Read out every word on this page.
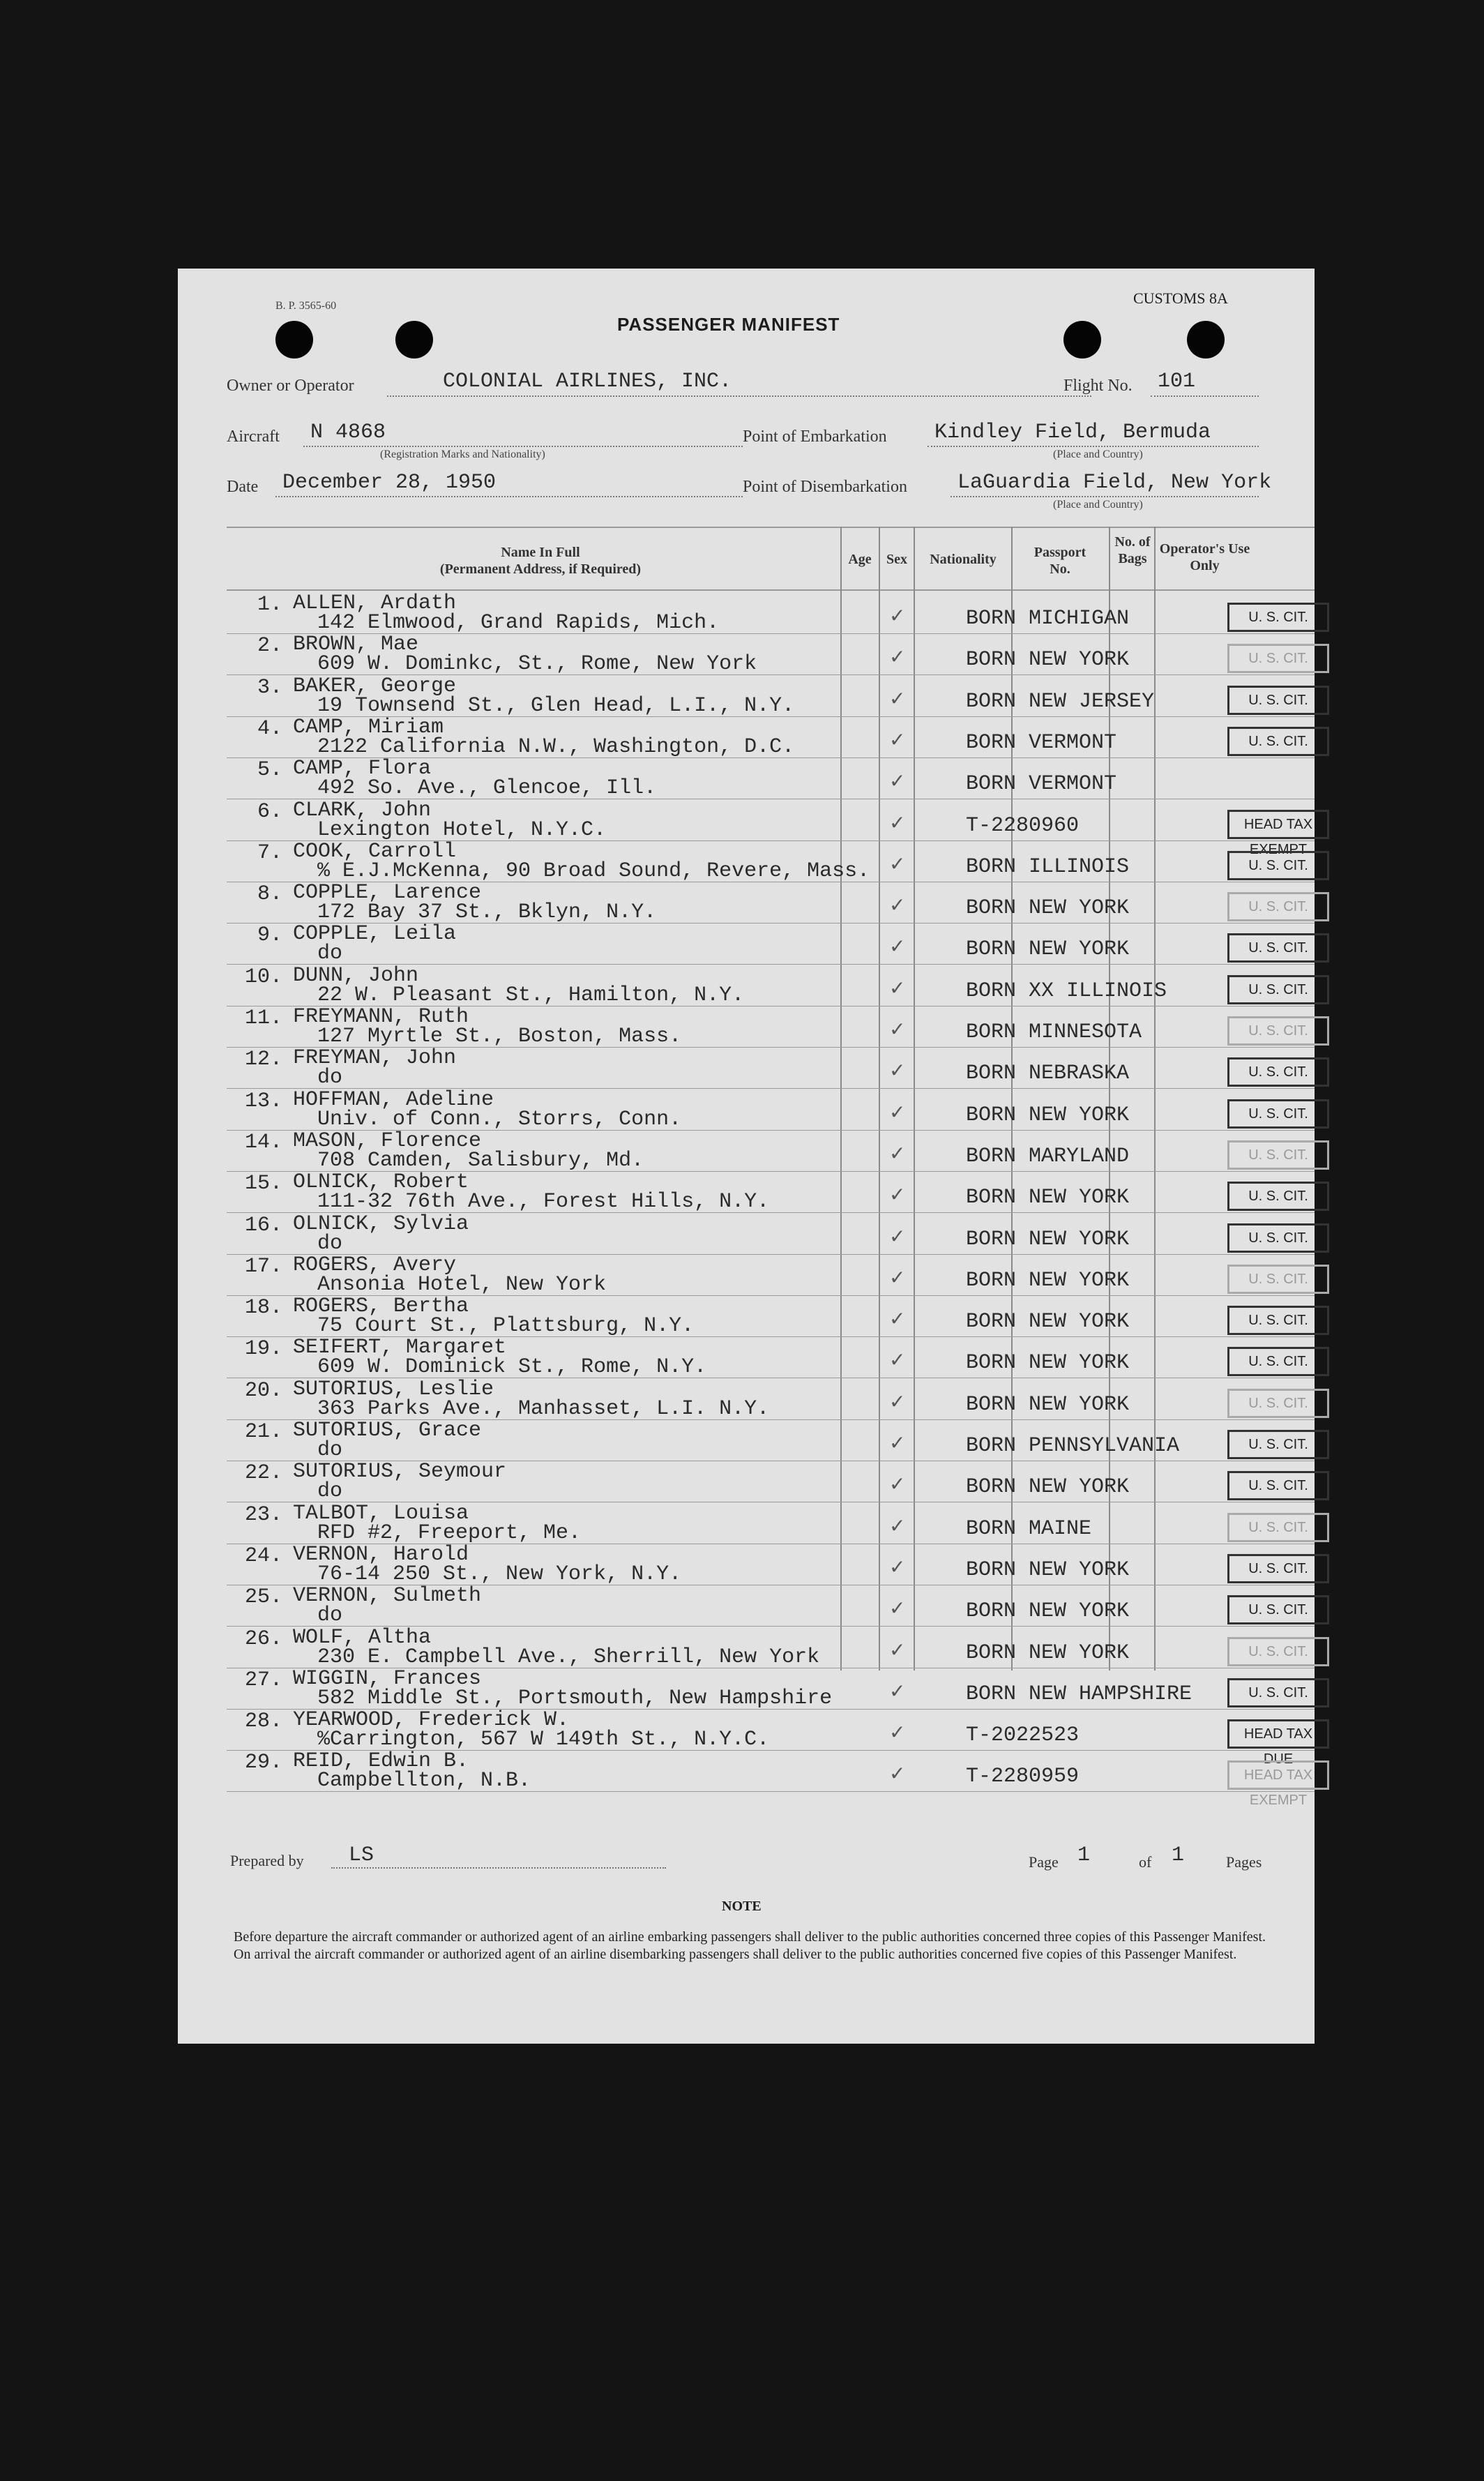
B. P. 3565-60
PASSENGER MANIFEST
CUSTOMS 8A
Owner or Operator	COLONIAL AIRLINES, INC.	Flight No. 101
Aircraft N 4868
(Registration Marks and Nationality)
Point of Embarkation Kindley Field, Bermuda
(Place and Country)
Date December 28, 1950	Point of Disembarkation LaGuardia Field, New York
(Place and Country)
Name In Full
(Permanent Address, if Required)
Age	Sex	Nationality	Passport No.
No. of Bags
Operator's Use Only
1. ALLEN, Ardath
142 Elmwood, Grand Rapids, Mich.	✓	BORN MICHIGAN	U. S. CIT.
2. BROWN, Mae
609 W. Dominkc, St., Rome, New York	✓	BORN NEW YORK	U. S. CIT.
3. BAKER, George
19 Townsend St., Glen Head, L.I., N.Y.	✓	BORN NEW JERSEY	U. S. CIT.
4. CAMP, Miriam
2122 California N.W., Washington, D.C.	✓	BORN VERMONT	U. S. CIT.
5. CAMP, Flora
492 So. Ave., Glencoe, Ill.	✓	BORN VERMONT
6. CLARK, John
Lexington Hotel, N.Y.C.	✓	T-2280960	HEAD TAX EXEMPT
7. COOK, Carroll
% E.J.McKenna, 90 Broad Sound, Revere, Mass. ✓	BORN ILLINOIS	U. S. CIT.
8. COPPLE, Larence
172 Bay 37 St., Bklyn, N.Y.	✓	BORN NEW YORK	U. S. CIT.
9. COPPLE, Leila
do	✓	BORN NEW YORK	U. S. CIT.
10. DUNN, John
22 W. Pleasant St., Hamilton, N.Y.	✓	BORN XX ILLINOIS	U. S. CIT.
11. FREYMANN, Ruth
127 Myrtle St., Boston, Mass.	✓	BORN MINNESOTA	U. S. CIT.
12. FREYMAN, John
do	✓	BORN NEBRASKA	U. S. CIT.
13. HOFFMAN, Adeline
Univ. of Conn., Storrs, Conn.	✓	BORN NEW YORK	U. S. CIT.
14. MASON, Florence
708 Camden, Salisbury, Md.	✓	BORN MARYLAND	U. S. CIT.
15. OLNICK, Robert
111-32 76th Ave., Forest Hills, N.Y.	✓	BORN NEW YORK	U. S. CIT.
16. OLNICK, Sylvia
do	✓	BORN NEW YORK	U. S. CIT.
17. ROGERS, Avery
Ansonia Hotel, New York	✓	BORN NEW YORK	U. S. CIT.
18. ROGERS, Bertha
75 Court St., Plattsburg, N.Y.	✓	BORN NEW YORK	U. S. CIT.
19. SEIFERT, Margaret
609 W. Dominick St., Rome, N.Y.	✓	BORN NEW YORK	U. S. CIT.
20. SUTORIUS, Leslie
363 Parks Ave., Manhasset, L.I. N.Y.	✓	BORN NEW YORK	U. S. CIT.
21. SUTORIUS, Grace
do	✓	BORN PENNSYLVANIA	U. S. CIT.
22. SUTORIUS, Seymour
do	✓	BORN NEW YORK	U. S. CIT.
23. TALBOT, Louisa
RFD #2, Freeport, Me.	✓	BORN MAINE	U. S. CIT.
24. VERNON, Harold
76-14 250 St., New York, N.Y.	✓	BORN NEW YORK	U. S. CIT.
25. VERNON, Sulmeth
do	✓	BORN NEW YORK	U. S. CIT.
26. WOLF, Altha
230 E. Campbell Ave., Sherrill, New York	✓	BORN NEW YORK	U. S. CIT.
27. WIGGIN, Frances
582 Middle St., Portsmouth, New Hampshire	✓	BORN NEW HAMPSHIRE	U. S. CIT.
28. YEARWOOD, Frederick W.
%Carrington, 567 W 149th St., N.Y.C.	✓	T-2022523	HEAD TAX DUE
29. REID, Edwin B.
Campbellton, N.B.	✓	T-2280959	HEAD TAX EXEMPT
Prepared by LS	Page 1	of 1	Pages
NOTE
Before departure the aircraft commander or authorized agent of an airline embarking passengers shall deliver to the public authorities concerned three copies of this Passenger Manifest. On arrival the aircraft commander or authorized agent of an airline disembarking passengers shall deliver to the public authorities concerned five copies of this Passenger Manifest.
